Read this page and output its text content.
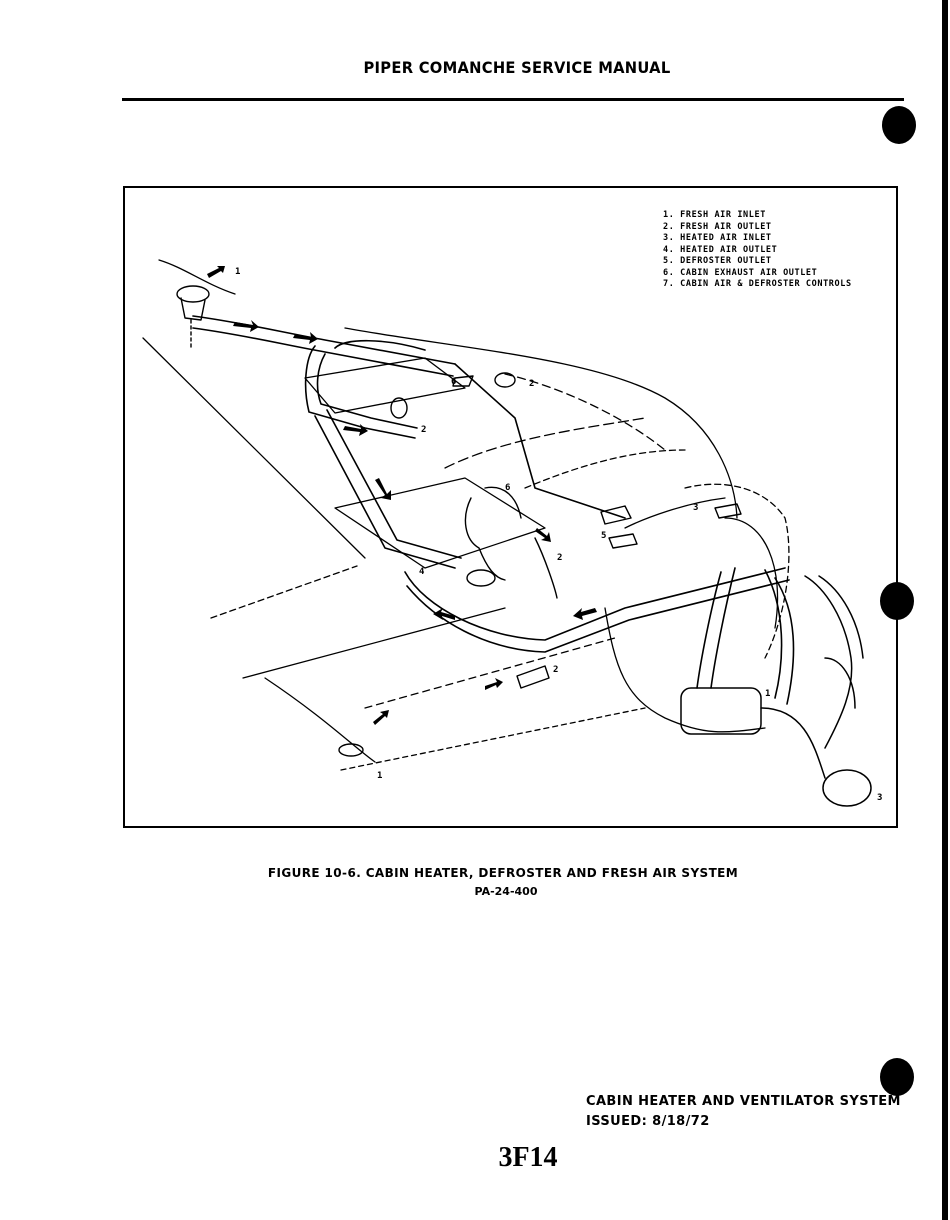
PIPER COMANCHE SERVICE MANUAL
1
2
2
6
6
2
5
3
4
2
1
1
3
1. FRESH AIR INLET
2. FRESH AIR OUTLET
3. HEATED AIR INLET
4. HEATED AIR OUTLET
5. DEFROSTER OUTLET
6. CABIN EXHAUST AIR OUTLET
7. CABIN AIR & DEFROSTER CONTROLS
FIGURE 10-6. CABIN HEATER, DEFROSTER AND FRESH AIR SYSTEM
PA-24-400
CABIN HEATER AND VENTILATOR SYSTEM
ISSUED: 8/18/72
3F14
